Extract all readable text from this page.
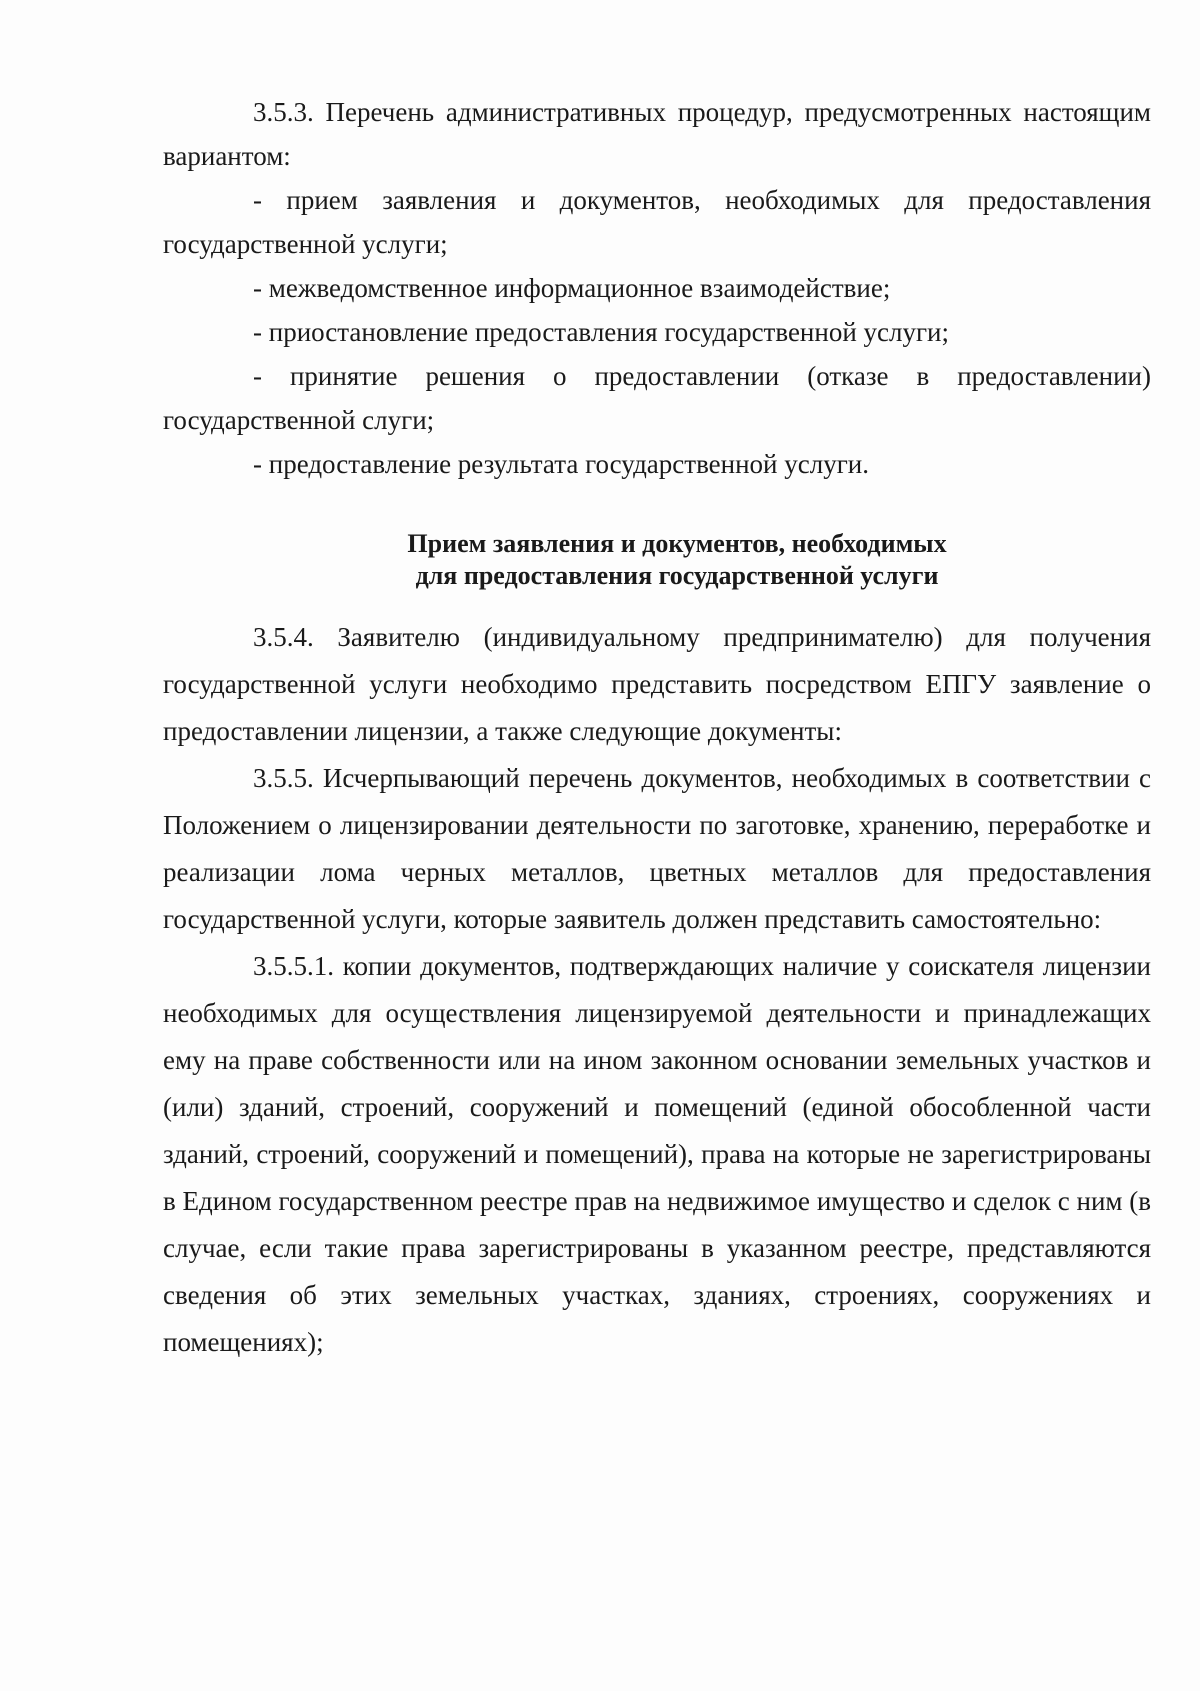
3.5.3. Перечень административных процедур, предусмотренных настоящим вариантом:

- прием заявления и документов, необходимых для предоставления государственной услуги;

- межведомственное информационное взаимодействие;

- приостановление предоставления государственной услуги;

- принятие решения о предоставлении (отказе в предоставлении) государственной слуги;

- предоставление результата государственной услуги.

Прием заявления и документов, необходимых
для предоставления государственной услуги

3.5.4. Заявителю (индивидуальному предпринимателю) для получения государственной услуги необходимо представить посредством ЕПГУ заявление о предоставлении лицензии, а также следующие документы:

3.5.5. Исчерпывающий перечень документов, необходимых в соответствии с Положением о лицензировании деятельности по заготовке, хранению, переработке и реализации лома черных металлов, цветных металлов для предоставления государственной услуги, которые заявитель должен представить самостоятельно:

3.5.5.1. копии документов, подтверждающих наличие у соискателя лицензии необходимых для осуществления лицензируемой деятельности и принадлежащих ему на праве собственности или на ином законном основании земельных участков и (или) зданий, строений, сооружений и помещений (единой обособленной части зданий, строений, сооружений и помещений), права на которые не зарегистрированы в Едином государственном реестре прав на недвижимое имущество и сделок с ним (в случае, если такие права зарегистрированы в указанном реестре, представляются сведения об этих земельных участках, зданиях, строениях, сооружениях и помещениях);
